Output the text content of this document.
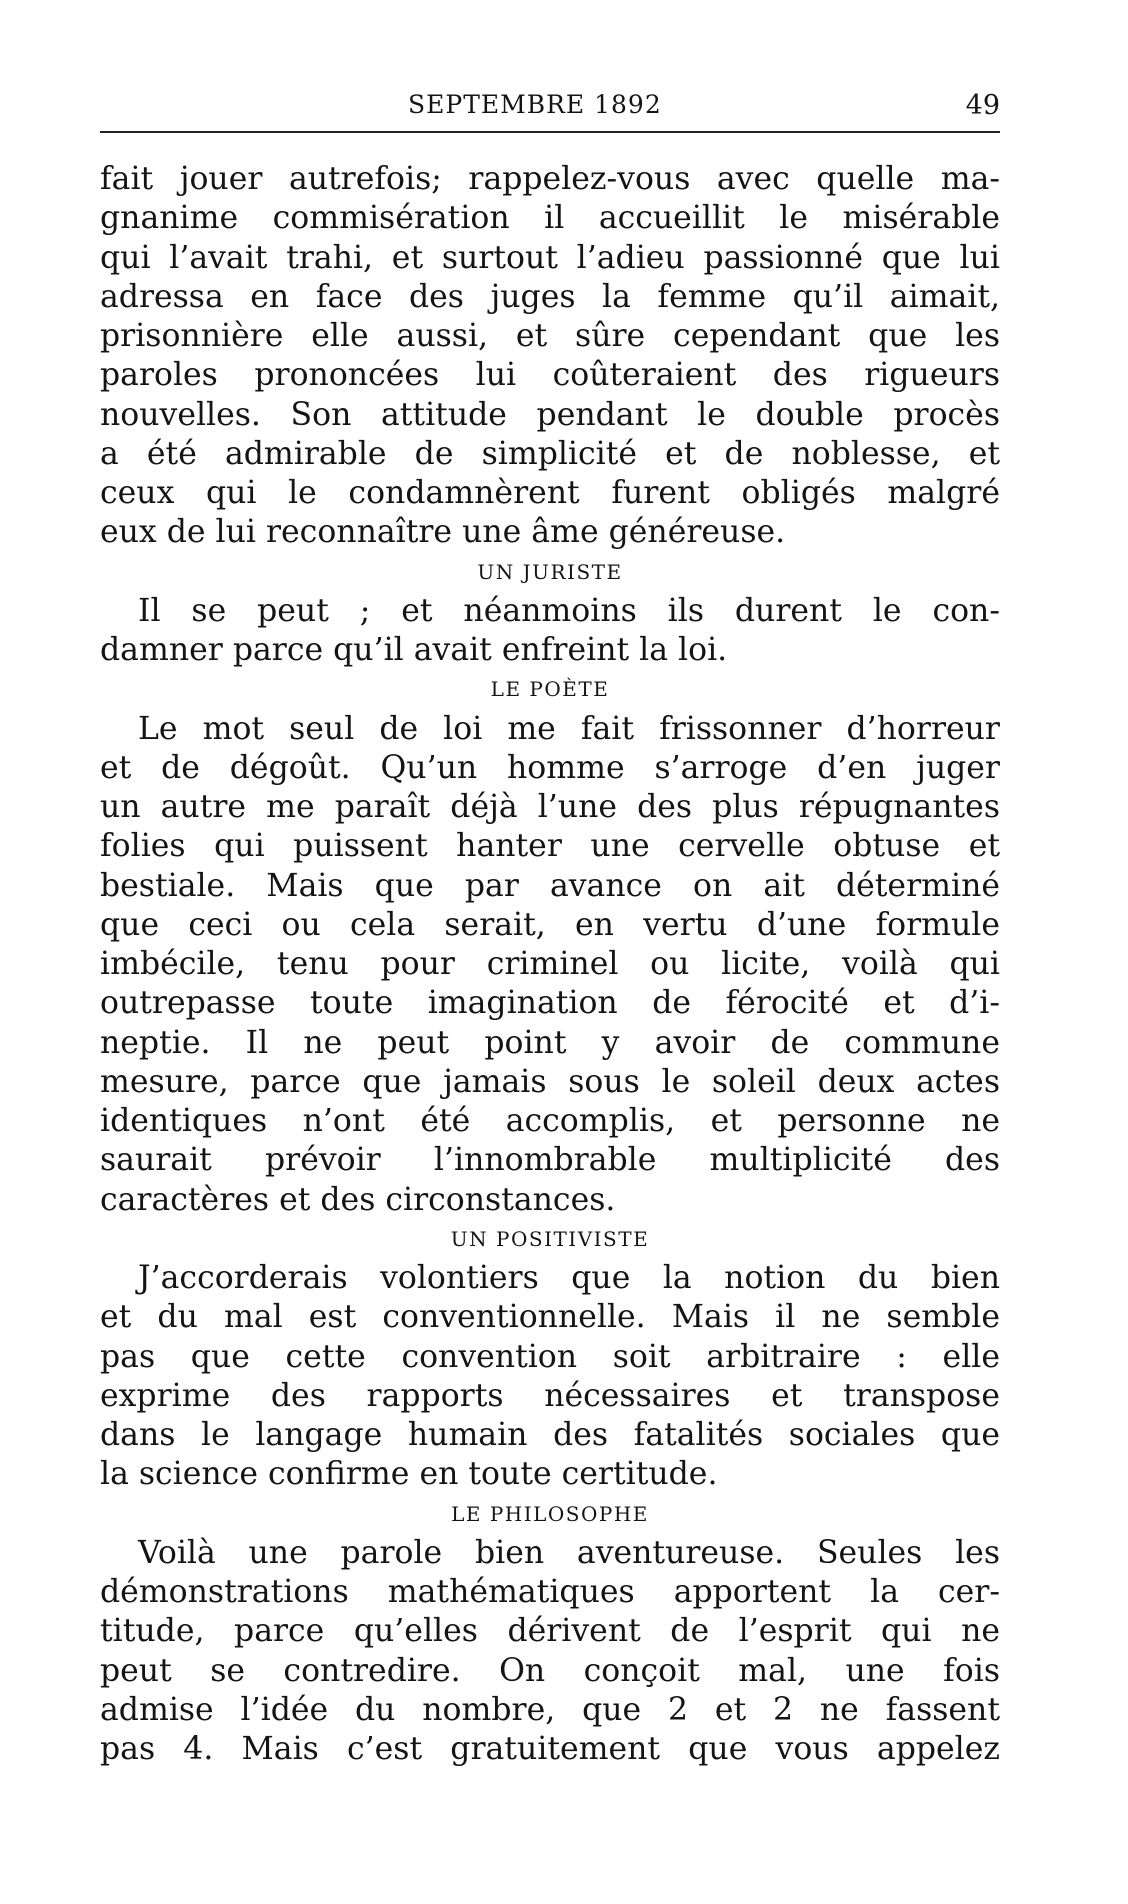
SEPTEMBRE 1892	49
fait jouer autrefois; rappelez-vous avec quelle ma-
gnanime commisération il accueillit le misérable
qui l’avait trahi, et surtout l’adieu passionné que lui
adressa en face des juges la femme qu’il aimait,
prisonnière elle aussi, et sûre cependant que les
paroles prononcées lui coûteraient des rigueurs
nouvelles. Son attitude pendant le double procès
a été admirable de simplicité et de noblesse, et
ceux qui le condamnèrent furent obligés malgré
eux de lui reconnaître une âme généreuse.
UN JURISTE
Il se peut ; et néanmoins ils durent le con-
damner parce qu’il avait enfreint la loi.
LE POÈTE
Le mot seul de loi me fait frissonner d’horreur
et de dégoût. Qu’un homme s’arroge d’en juger
un autre me paraît déjà l’une des plus répugnantes
folies qui puissent hanter une cervelle obtuse et
bestiale. Mais que par avance on ait déterminé
que ceci ou cela serait, en vertu d’une formule
imbécile, tenu pour criminel ou licite, voilà qui
outrepasse toute imagination de férocité et d’i-
neptie. Il ne peut point y avoir de commune
mesure, parce que jamais sous le soleil deux actes
identiques n’ont été accomplis, et personne ne
saurait prévoir l’innombrable multiplicité des
caractères et des circonstances.
UN POSITIVISTE
J’accorderais volontiers que la notion du bien
et du mal est conventionnelle. Mais il ne semble
pas que cette convention soit arbitraire : elle
exprime des rapports nécessaires et transpose
dans le langage humain des fatalités sociales que
la science confirme en toute certitude.
LE PHILOSOPHE
Voilà une parole bien aventureuse. Seules les
démonstrations mathématiques apportent la cer-
titude, parce qu’elles dérivent de l’esprit qui ne
peut se contredire. On conçoit mal, une fois
admise l’idée du nombre, que 2 et 2 ne fassent
pas 4. Mais c’est gratuitement que vous appelez
